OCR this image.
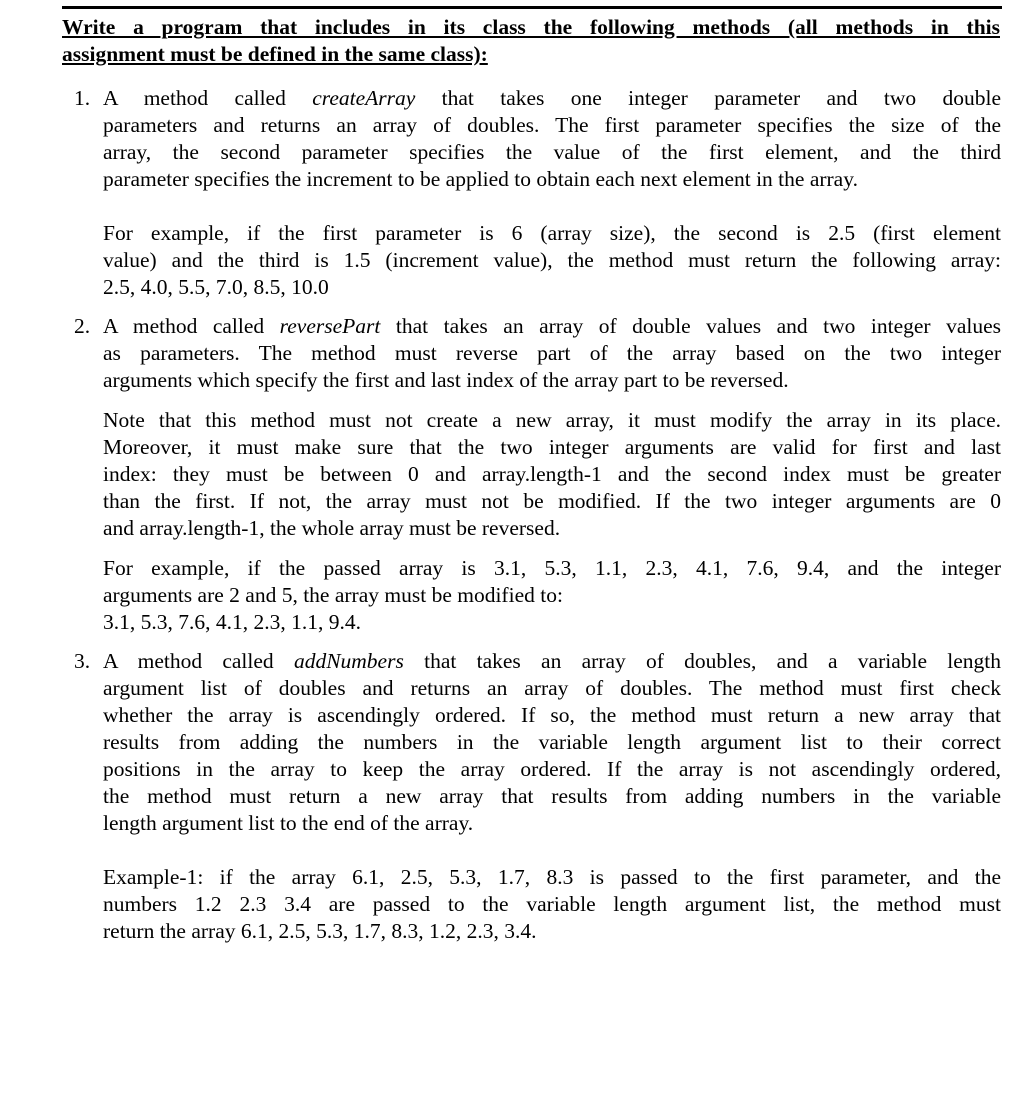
Write a program that includes in its class the following methods (all methods in this
assignment must be defined in the same class):
1. A method called createArray that takes one integer parameter and two double
parameters and returns an array of doubles. The first parameter specifies the size of the
array, the second parameter specifies the value of the first element, and the third
parameter specifies the increment to be applied to obtain each next element in the array.

For example, if the first parameter is 6 (array size), the second is 2.5 (first element
value) and the third is 1.5 (increment value), the method must return the following array:
2.5, 4.0, 5.5, 7.0, 8.5, 10.0

2. A method called reversePart that takes an array of double values and two integer values
as parameters. The method must reverse part of the array based on the two integer
arguments which specify the first and last index of the array part to be reversed.

Note that this method must not create a new array, it must modify the array in its place.
Moreover, it must make sure that the two integer arguments are valid for first and last
index: they must be between 0 and array.length-1 and the second index must be greater
than the first. If not, the array must not be modified. If the two integer arguments are 0
and array.length-1, the whole array must be reversed.

For example, if the passed array is 3.1, 5.3, 1.1, 2.3, 4.1, 7.6, 9.4, and the integer
arguments are 2 and 5, the array must be modified to:
3.1, 5.3, 7.6, 4.1, 2.3, 1.1, 9.4.

3. A method called addNumbers that takes an array of doubles, and a variable length
argument list of doubles and returns an array of doubles. The method must first check
whether the array is ascendingly ordered. If so, the method must return a new array that
results from adding the numbers in the variable length argument list to their correct
positions in the array to keep the array ordered. If the array is not ascendingly ordered,
the method must return a new array that results from adding numbers in the variable
length argument list to the end of the array.

Example-1: if the array 6.1, 2.5, 5.3, 1.7, 8.3 is passed to the first parameter, and the
numbers 1.2 2.3 3.4 are passed to the variable length argument list, the method must
return the array 6.1, 2.5, 5.3, 1.7, 8.3, 1.2, 2.3, 3.4.
